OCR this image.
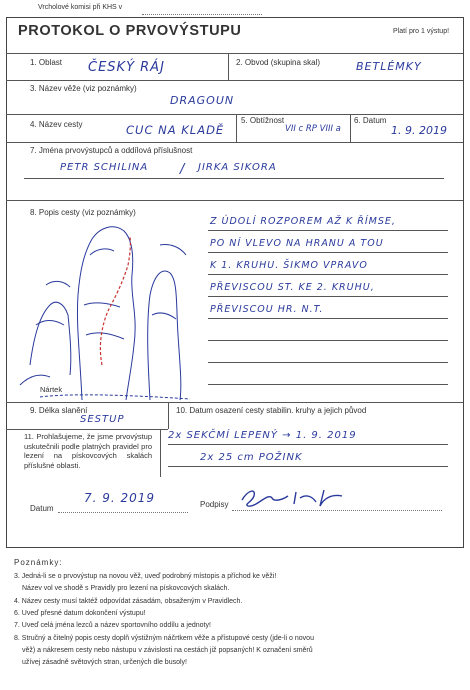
Vrcholové komisi při KHS v
PROTOKOL O PRVOVÝSTUPU	Platí pro 1 výstup!
1. Oblast ČESKÝ RÁJ	2. Obvod (skupina skal)	BETLÉMKY
3. Název věže (viz poznámky)
DRAGOUN
4. Název cesty	CUC NA KLADĚ
5. Obtížnost
VII c RP VIII a
6. Datum
1. 9. 2019
7. Jména prvovýstupců a oddílová příslušnost
PETR SCHILINA / JIRKA SIKORA
8. Popis cesty (viz poznámky)
Nártek
Z ÚDOLÍ ROZPOREM AŽ K ŘÍMSE,
PO NÍ VLEVO NA HRANU A TOU
K 1. KRUHU. ŠIKMO VPRAVO
PŘEVISCOU ST. KE 2. KRUHU,
PŘEVISCOU HR. N.T.
9. Délka slanění
SESTUP
10. Datum osazení cesty stabilin. kruhy a jejich původ
2x SEKČMÍ LEPENÝ → 1. 9. 2019
2x 25 cm POŽINK
11. Prohlašujeme, že jsme prvovýstup uskutečnili podle platných pravidel pro lezení na pískovcových skalách příslušné oblasti.
Datum
7. 9. 2019	Podpisy
Poznámky:
3. Jedná-li se o prvovýstup na novou věž, uveď podrobný místopis a příchod ke věži!
Název vol ve shodě s Pravidly pro lezení na pískovcových skalách.
4. Název cesty musí taktéž odpovídat zásadám, obsaženým v Pravidlech.
6. Uveď přesné datum dokončení výstupu!
7. Uveď celá jména lezců a název sportovního oddílu a jednoty!
8. Stručný a čitelný popis cesty doplň výstižným náčrtkem věže a přístupové cesty (jde-li o novou
věž) a nákresem cesty nebo nástupu v závislosti na cestách již popsaných! K označení směrů
užívej zásadně světových stran, určených dle busoly!
